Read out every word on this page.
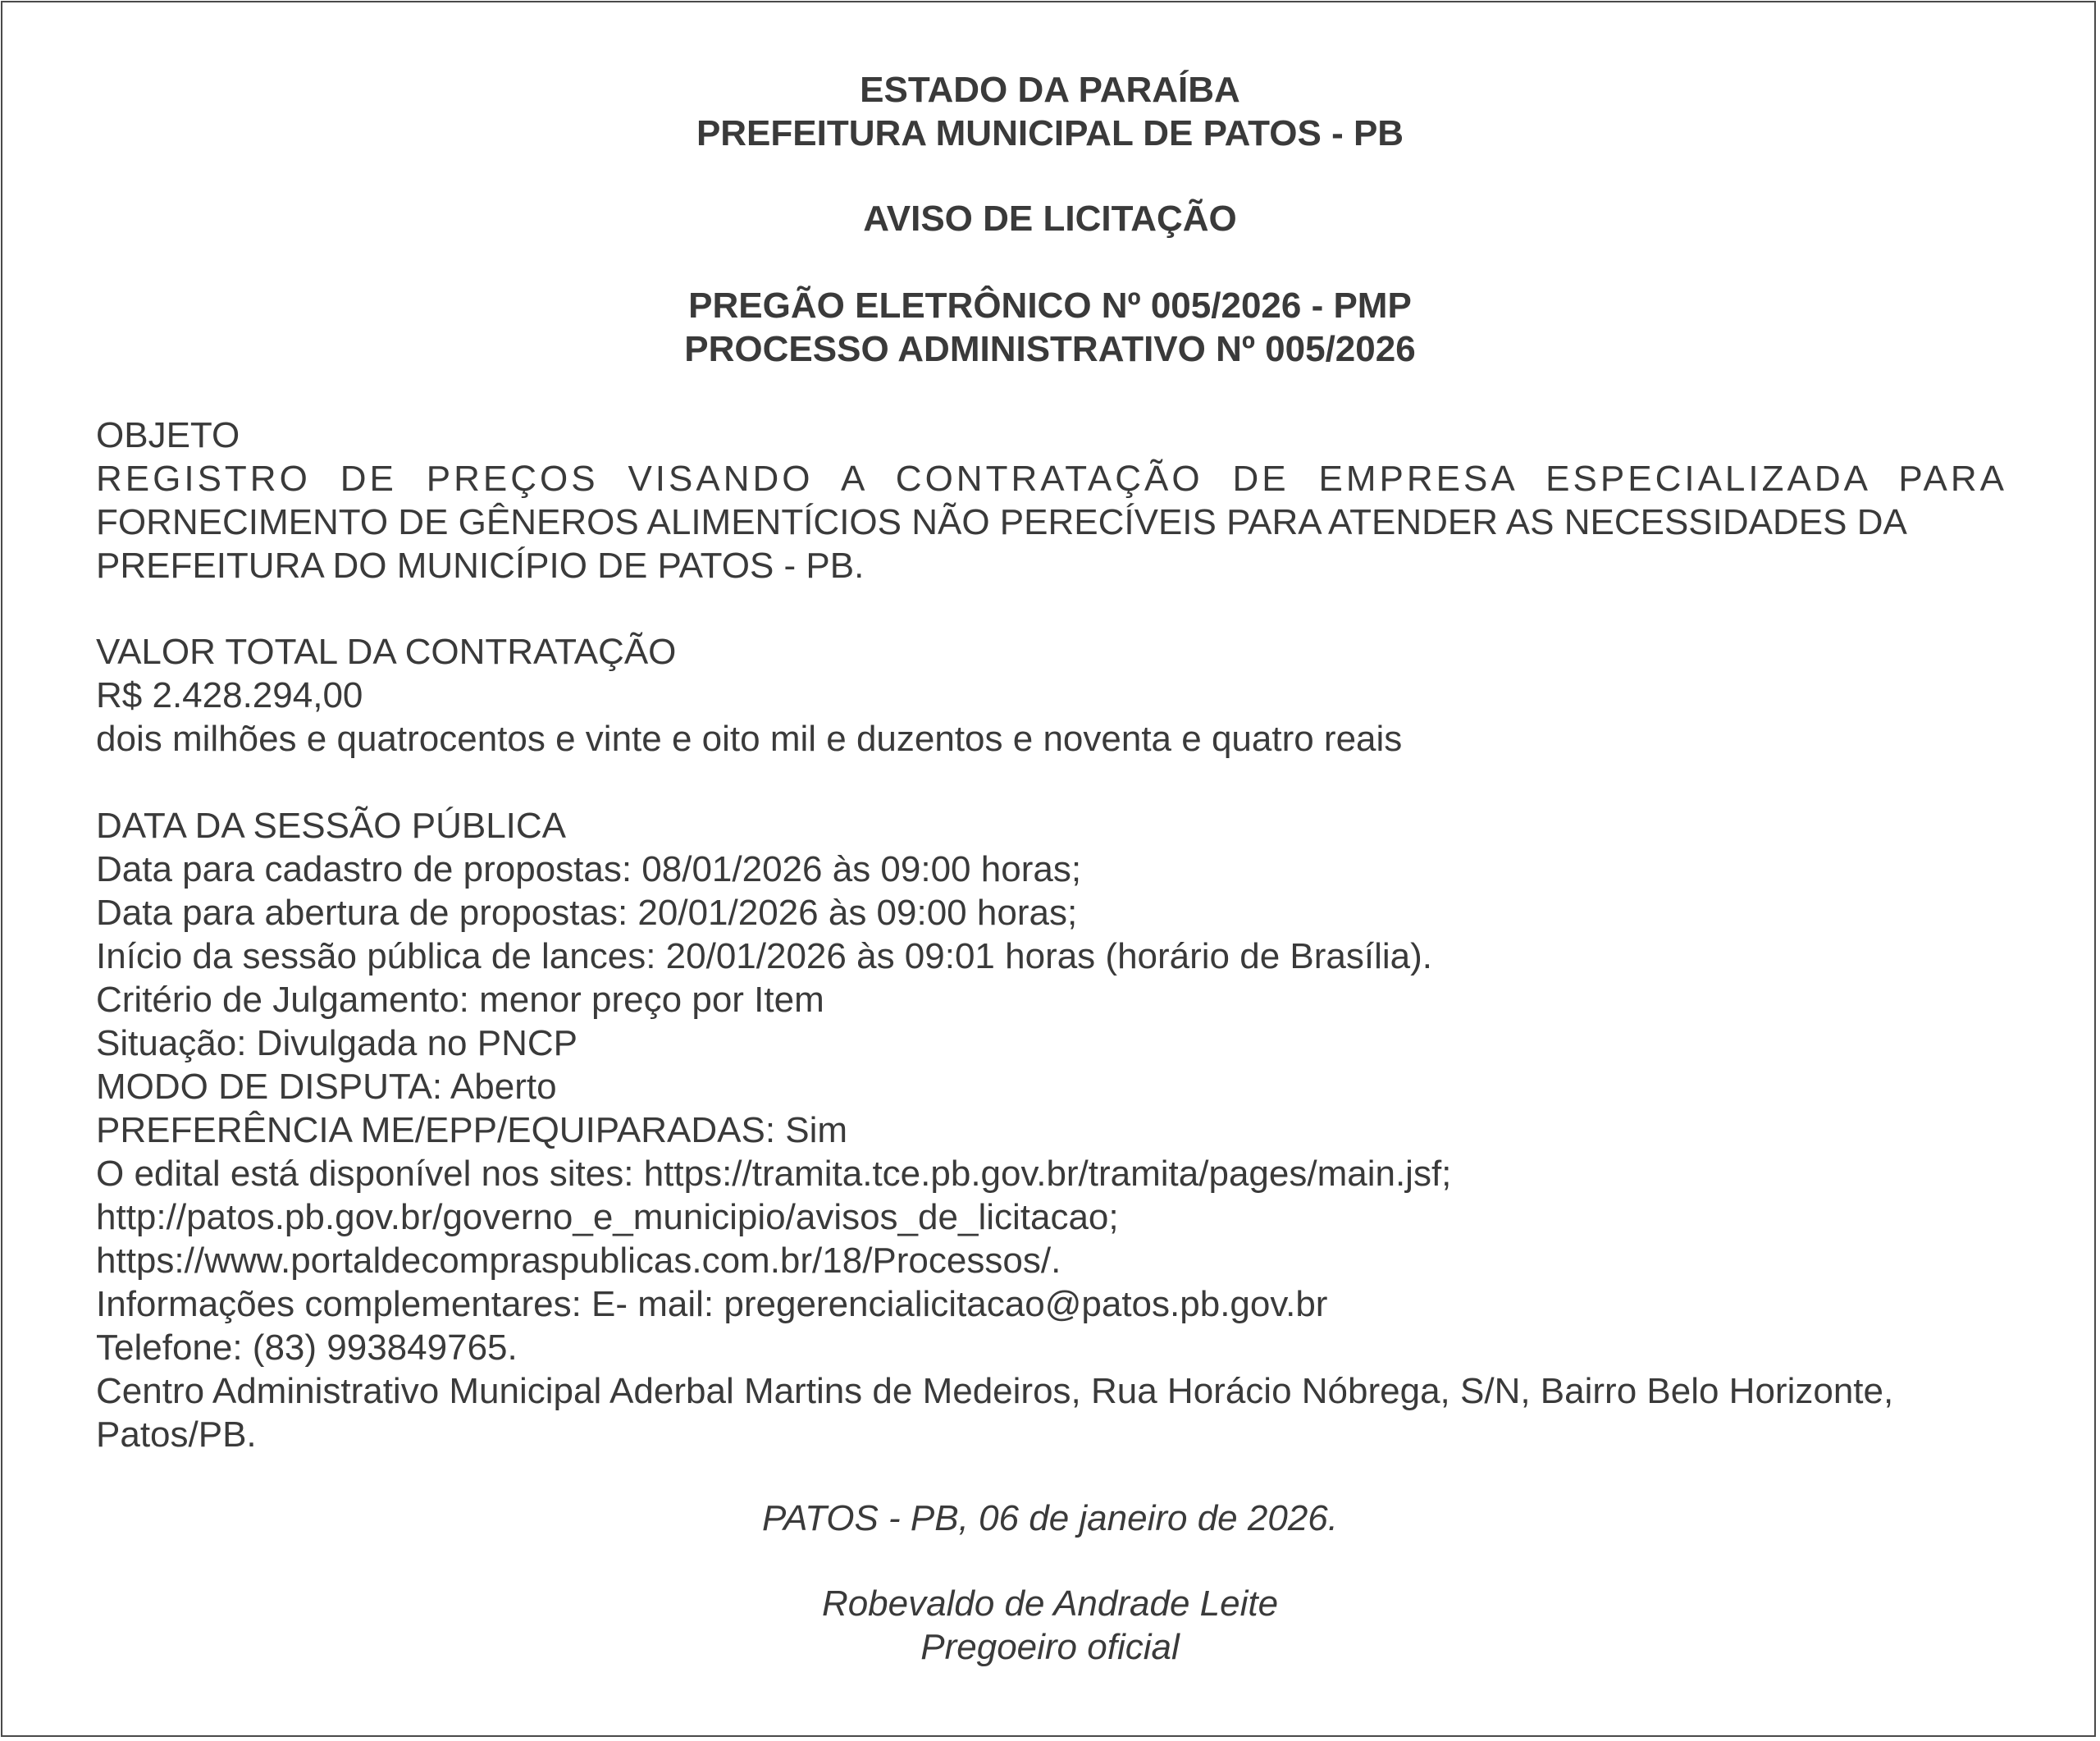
ESTADO DA PARAÍBA
PREFEITURA MUNICIPAL DE PATOS - PB
AVISO DE LICITAÇÃO
PREGÃO ELETRÔNICO Nº 005/2026 - PMP
PROCESSO ADMINISTRATIVO Nº 005/2026
OBJETO
REGISTRO DE PREÇOS VISANDO A CONTRATAÇÃO DE EMPRESA ESPECIALIZADA PARA
FORNECIMENTO DE GÊNEROS ALIMENTÍCIOS NÃO PERECÍVEIS PARA ATENDER AS NECESSIDADES DA
PREFEITURA DO MUNICÍPIO DE PATOS - PB.
VALOR TOTAL DA CONTRATAÇÃO
R$ 2.428.294,00
dois milhões e quatrocentos e vinte e oito mil e duzentos e noventa e quatro reais
DATA DA SESSÃO PÚBLICA
Data para cadastro de propostas: 08/01/2026 às 09:00 horas;
Data para abertura de propostas: 20/01/2026 às 09:00 horas;
Início da sessão pública de lances: 20/01/2026 às 09:01 horas (horário de Brasília).
Critério de Julgamento: menor preço por Item
Situação: Divulgada no PNCP
MODO DE DISPUTA: Aberto
PREFERÊNCIA ME/EPP/EQUIPARADAS: Sim
O edital está disponível nos sites: https://tramita.tce.pb.gov.br/tramita/pages/main.jsf;
http://patos.pb.gov.br/governo_e_municipio/avisos_de_licitacao;
https://www.portaldecompraspublicas.com.br/18/Processos/.
Informações complementares: E- mail: pregerencialicitacao@patos.pb.gov.br
Telefone: (83) 993849765.
Centro Administrativo Municipal Aderbal Martins de Medeiros, Rua Horácio Nóbrega, S/N, Bairro Belo Horizonte,
Patos/PB.
PATOS - PB, 06 de janeiro de 2026.
Robevaldo de Andrade Leite
Pregoeiro oficial
